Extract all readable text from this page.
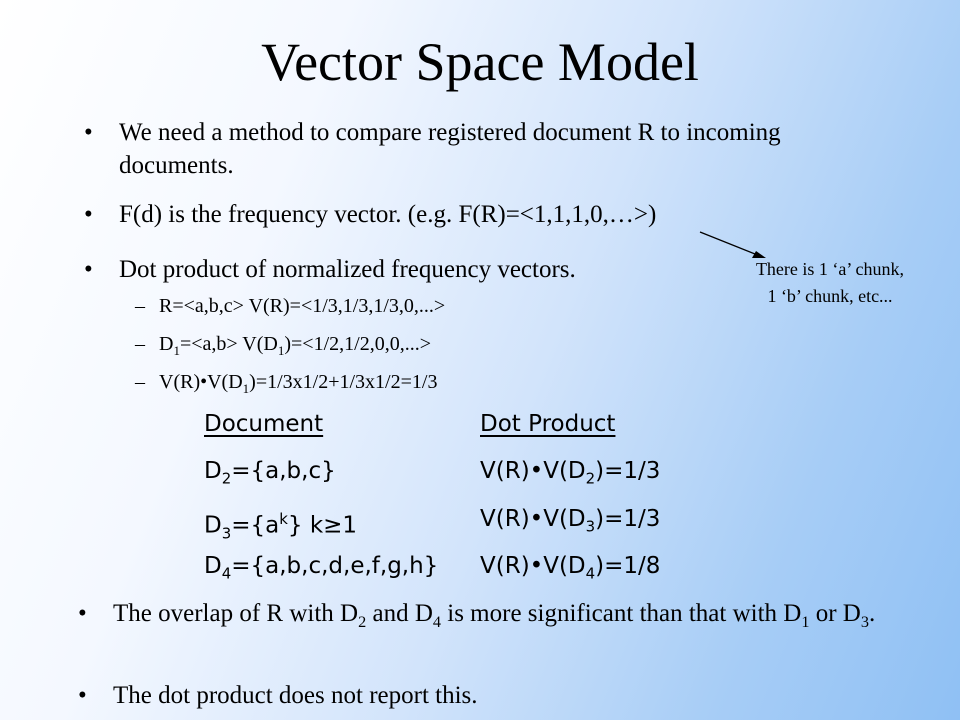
Vector Space Model
•	We need a method to compare registered document R to incoming documents.
•	F(d) is the frequency vector. (e.g. F(R)=<1,1,1,0,…>)
•	Dot product of normalized frequency vectors.
– R=<a,b,c> V(R)=<1/3,1/3,1/3,0,...>
– $D_1=<a,b> V(D_1)=<1/2,1/2,0,0,...>$
– $V(R)•V(D_1)=1/3x1/2+1/3x1/2=1/3$
There is 1 ‘a’ chunk, 1 ‘b’ chunk, etc...
Document	Dot Product
$D_2=\{a,b,c\}$	$V(R)•V(D_2)=1/3$
$D_3=\{a^k\}$ k≥1	$V(R)•V(D_3)=1/3$
$D_4=\{a,b,c,d,e,f,g,h\}$ $V(R)•V(D_4)=1/8$
•	The overlap of R with $D_2$ and $D_4$ is more significant than that with $D_1$ or $D_3$.
•	The dot product does not report this.
